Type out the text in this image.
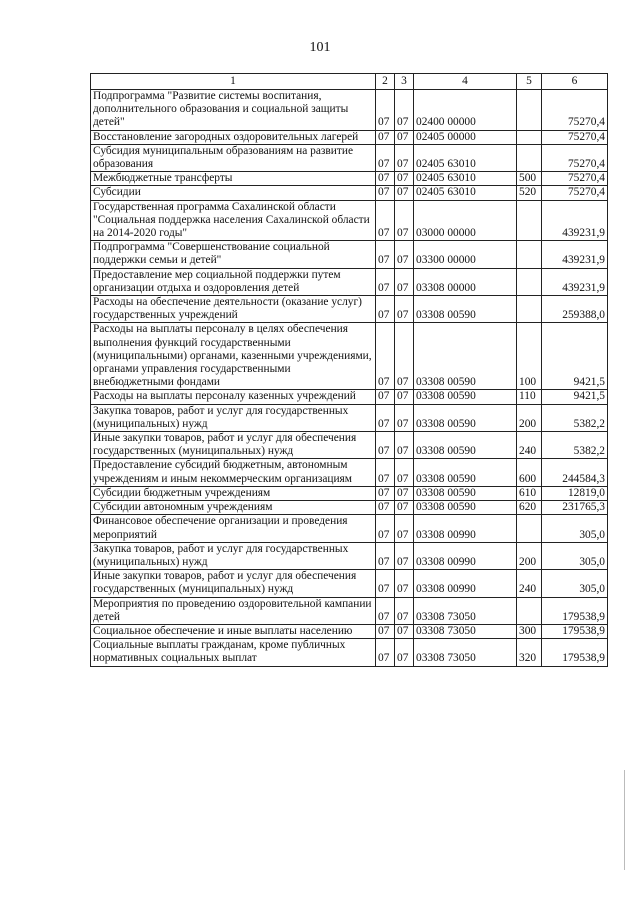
101
1	2	3	4	5	6
Подпрограмма "Развитие системы воспитания, дополнительного образования и социальной защиты детей"	07	07	02400 00000		75270,4
Восстановление загородных оздоровительных лагерей	07	07	02405 00000		75270,4
Субсидия муниципальным образованиям на развитие образования	07	07	02405 63010		75270,4
Межбюджетные трансферты	07	07	02405 63010	500	75270,4
Субсидии	07	07	02405 63010	520	75270,4
Государственная программа Сахалинской области "Социальная поддержка населения Сахалинской области на 2014-2020 годы"	07	07	03000 00000		439231,9
Подпрограмма "Совершенствование социальной поддержки семьи и детей"	07	07	03300 00000		439231,9
Предоставление мер социальной поддержки путем организации отдыха и оздоровления детей	07	07	03308 00000		439231,9
Расходы на обеспечение деятельности (оказание услуг) государственных учреждений	07	07	03308 00590		259388,0
Расходы на выплаты персоналу в целях обеспечения выполнения функций государственными (муниципальными) органами, казенными учреждениями, органами управления государственными внебюджетными фондами	07	07	03308 00590	100	9421,5
Расходы на выплаты персоналу казенных учреждений	07	07	03308 00590	110	9421,5
Закупка товаров, работ и услуг для государственных (муниципальных) нужд	07	07	03308 00590	200	5382,2
Иные закупки товаров, работ и услуг для обеспечения государственных (муниципальных) нужд	07	07	03308 00590	240	5382,2
Предоставление субсидий бюджетным, автономным учреждениям и иным некоммерческим организациям	07	07	03308 00590	600	244584,3
Субсидии бюджетным учреждениям	07	07	03308 00590	610	12819,0
Субсидии автономным учреждениям	07	07	03308 00590	620	231765,3
Финансовое обеспечение организации и проведения мероприятий	07	07	03308 00990		305,0
Закупка товаров, работ и услуг для государственных (муниципальных) нужд	07	07	03308 00990	200	305,0
Иные закупки товаров, работ и услуг для обеспечения государственных (муниципальных) нужд	07	07	03308 00990	240	305,0
Мероприятия по проведению оздоровительной кампании детей	07	07	03308 73050		179538,9
Социальное обеспечение и иные выплаты населению	07	07	03308 73050	300	179538,9
Социальные выплаты гражданам, кроме публичных нормативных социальных выплат	07	07	03308 73050	320	179538,9
